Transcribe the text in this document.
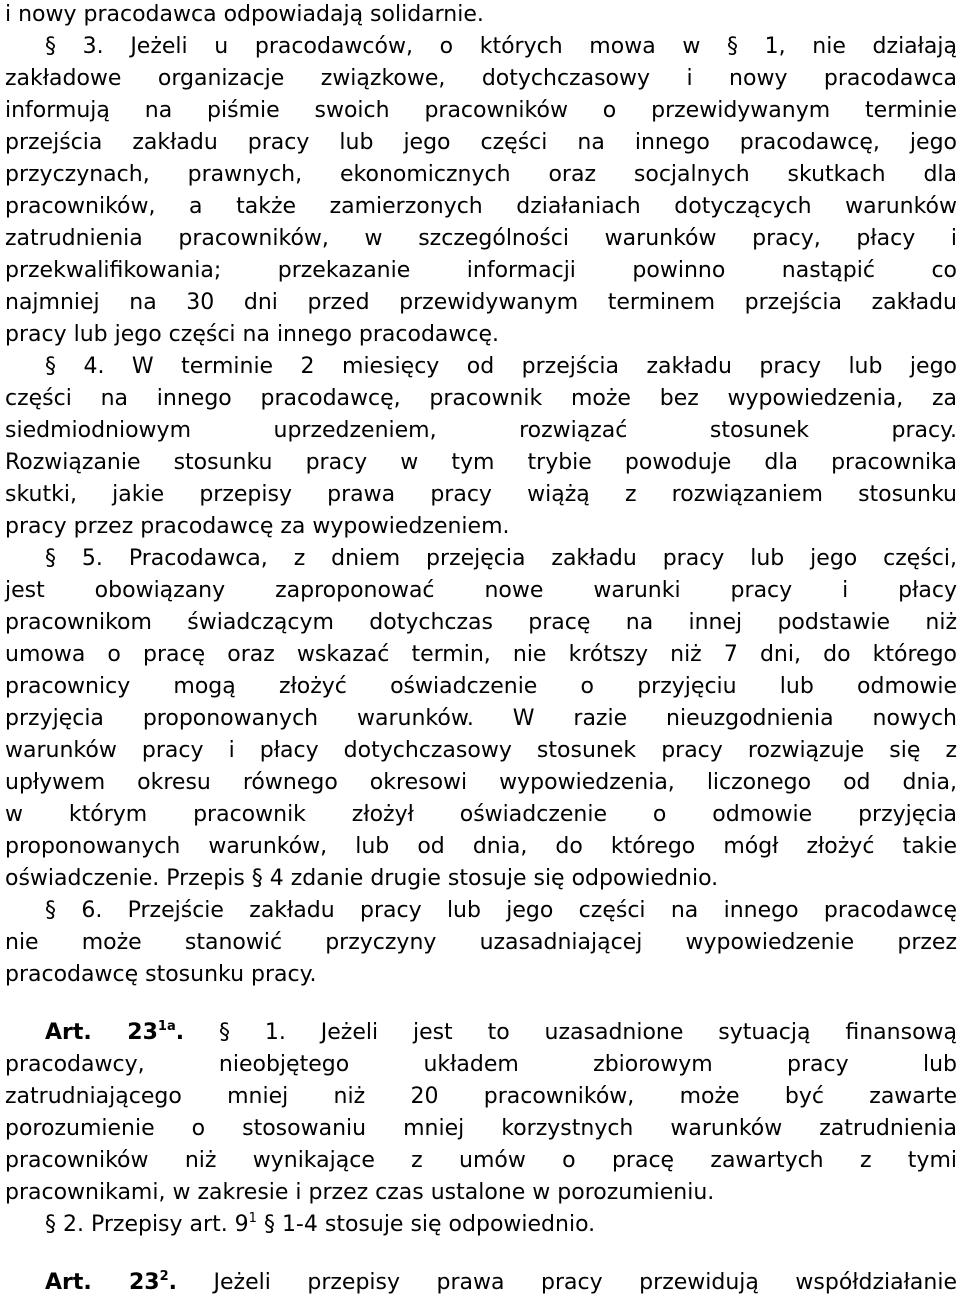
i nowy pracodawca odpowiadają solidarnie.
§ 3. Jeżeli u pracodawców, o których mowa w § 1, nie działają
zakładowe organizacje związkowe, dotychczasowy i nowy pracodawca
informują na piśmie swoich pracowników o przewidywanym terminie
przejścia zakładu pracy lub jego części na innego pracodawcę, jego
przyczynach, prawnych, ekonomicznych oraz socjalnych skutkach dla
pracowników, a także zamierzonych działaniach dotyczących warunków
zatrudnienia pracowników, w szczególności warunków pracy, płacy i
przekwalifikowania; przekazanie informacji powinno nastąpić co
najmniej na 30 dni przed przewidywanym terminem przejścia zakładu
pracy lub jego części na innego pracodawcę.
§ 4. W terminie 2 miesięcy od przejścia zakładu pracy lub jego
części na innego pracodawcę, pracownik może bez wypowiedzenia, za
siedmiodniowym uprzedzeniem, rozwiązać stosunek pracy.
Rozwiązanie stosunku pracy w tym trybie powoduje dla pracownika
skutki, jakie przepisy prawa pracy wiążą z rozwiązaniem stosunku
pracy przez pracodawcę za wypowiedzeniem.
§ 5. Pracodawca, z dniem przejęcia zakładu pracy lub jego części,
jest obowiązany zaproponować nowe warunki pracy i płacy
pracownikom świadczącym dotychczas pracę na innej podstawie niż
umowa o pracę oraz wskazać termin, nie krótszy niż 7 dni, do którego
pracownicy mogą złożyć oświadczenie o przyjęciu lub odmowie
przyjęcia proponowanych warunków. W razie nieuzgodnienia nowych
warunków pracy i płacy dotychczasowy stosunek pracy rozwiązuje się z
upływem okresu równego okresowi wypowiedzenia, liczonego od dnia,
w którym pracownik złożył oświadczenie o odmowie przyjęcia
proponowanych warunków, lub od dnia, do którego mógł złożyć takie
oświadczenie. Przepis § 4 zdanie drugie stosuje się odpowiednio.
§ 6. Przejście zakładu pracy lub jego części na innego pracodawcę
nie może stanowić przyczyny uzasadniającej wypowiedzenie przez
pracodawcę stosunku pracy.
Art. $23^{1a}$. § 1. Jeżeli jest to uzasadnione sytuacją finansową
pracodawcy, nieobjętego układem zbiorowym pracy lub
zatrudniającego mniej niż 20 pracowników, może być zawarte
porozumienie o stosowaniu mniej korzystnych warunków zatrudnienia
pracowników niż wynikające z umów o pracę zawartych z tymi
pracownikami, w zakresie i przez czas ustalone w porozumieniu.
§ 2. Przepisy art. $9^1$ § 1-4 stosuje się odpowiednio.
Art. $23^2$. Jeżeli przepisy prawa pracy przewidują współdziałanie
